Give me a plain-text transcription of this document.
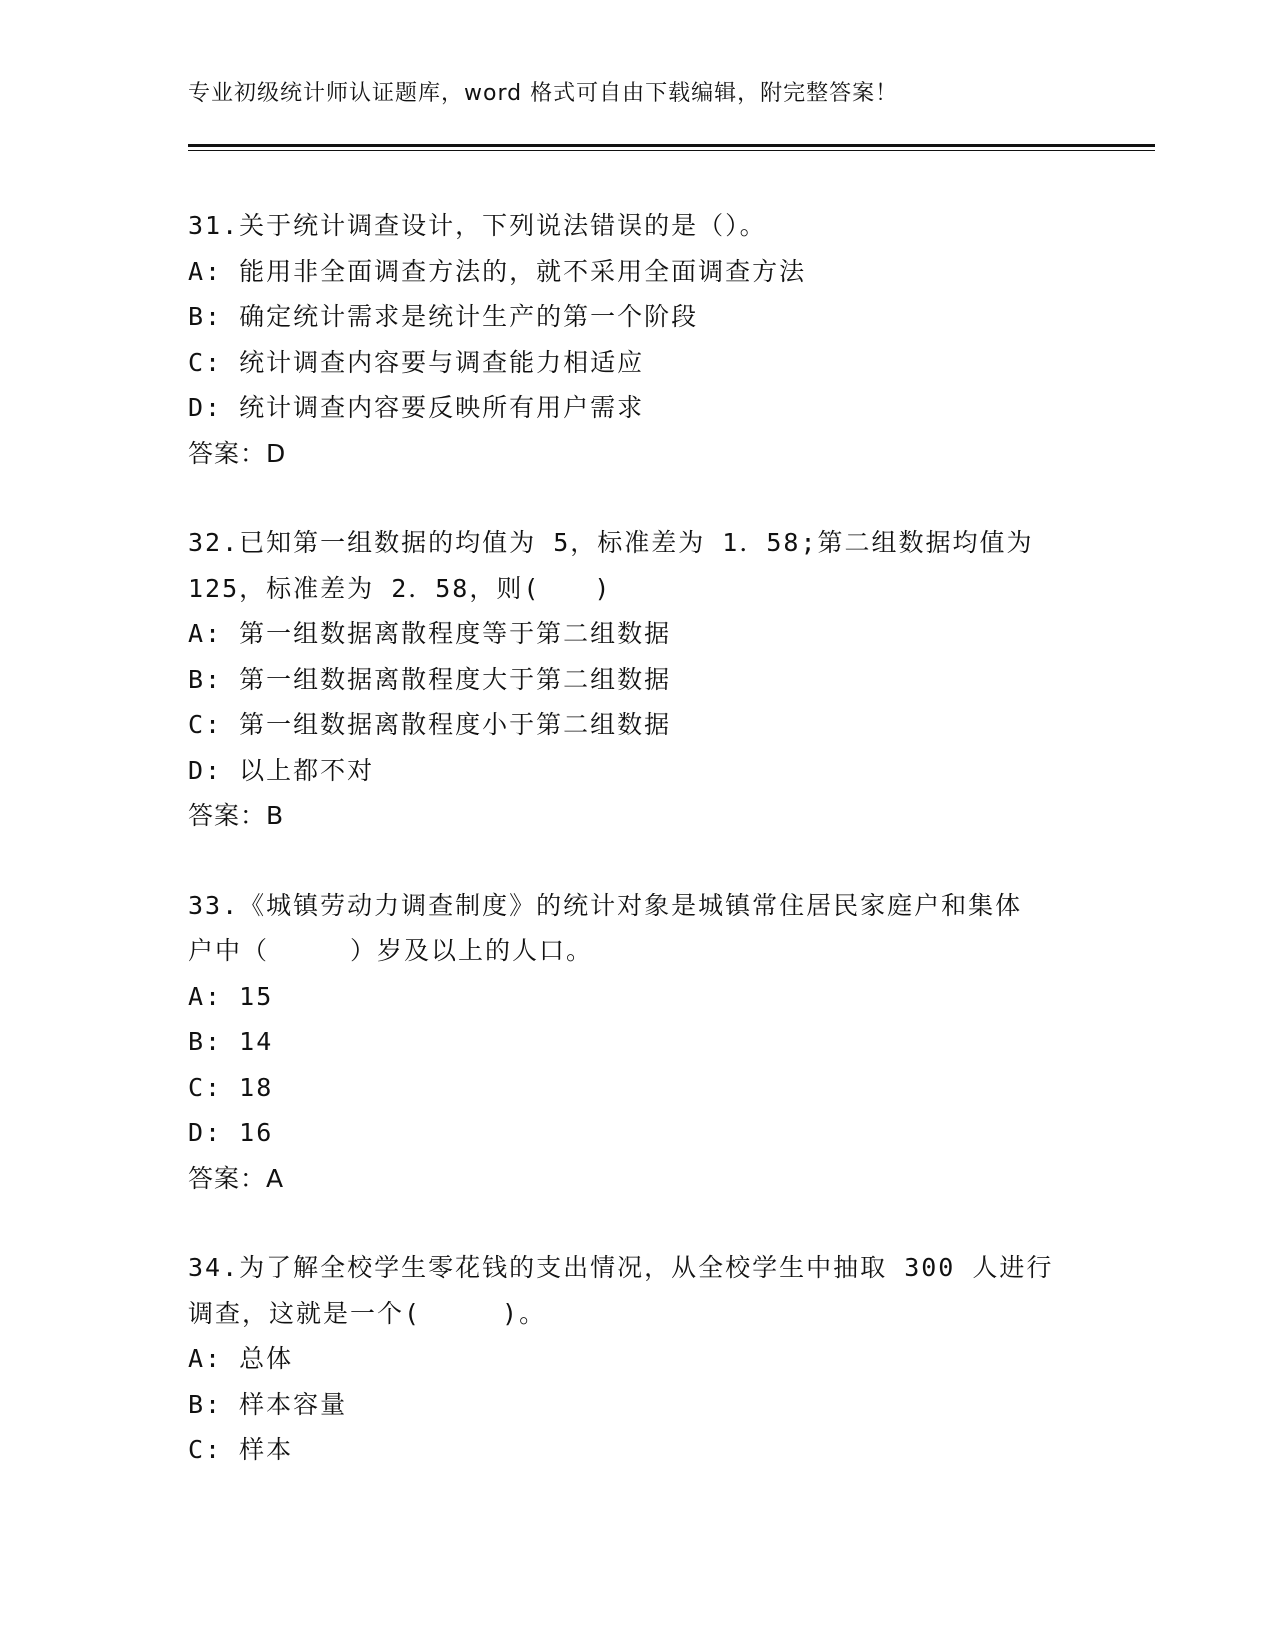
专业初级统计师认证题库，word 格式可自由下载编辑，附完整答案！
31.关于统计调查设计，下列说法错误的是（）。
A: 能用非全面调查方法的，就不采用全面调查方法
B: 确定统计需求是统计生产的第一个阶段
C: 统计调查内容要与调查能力相适应
D: 统计调查内容要反映所有用户需求
答案：D
32.已知第一组数据的均值为 5，标准差为 1．58;第二组数据均值为
125，标准差为 2．58，则(　　)
A: 第一组数据离散程度等于第二组数据
B: 第一组数据离散程度大于第二组数据
C: 第一组数据离散程度小于第二组数据
D: 以上都不对
答案：B
33.《城镇劳动力调查制度》的统计对象是城镇常住居民家庭户和集体
户中（　　　）岁及以上的人口。
A: 15
B: 14
C: 18
D: 16
答案：A
34.为了解全校学生零花钱的支出情况，从全校学生中抽取 300 人进行
调查，这就是一个(　　　)。
A: 总体
B: 样本容量
C: 样本
